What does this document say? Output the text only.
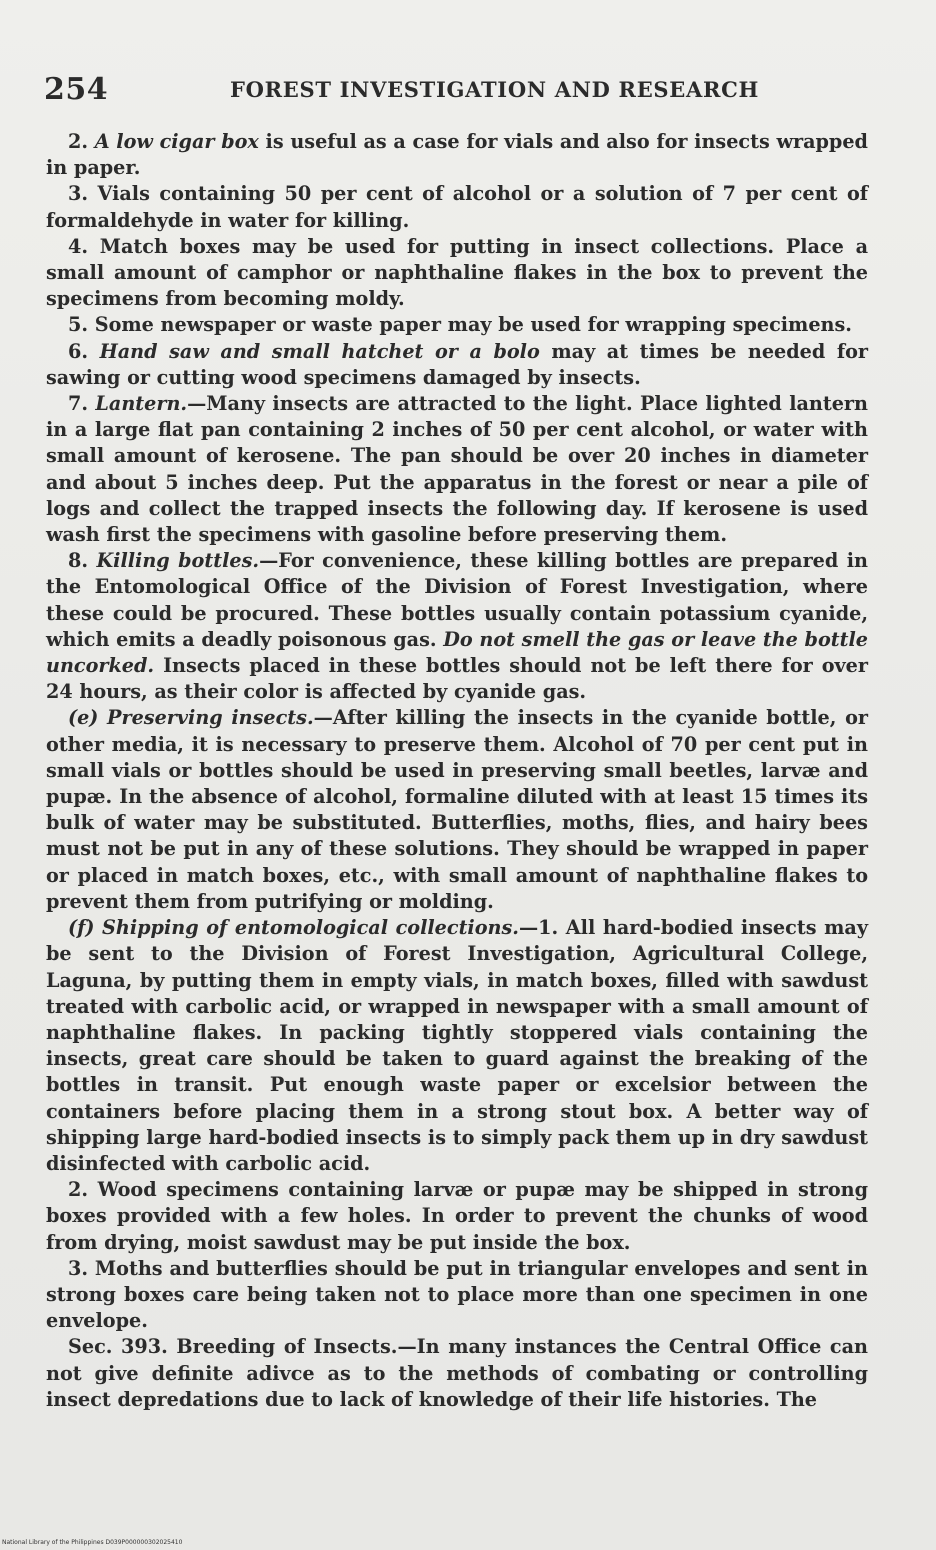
254	FOREST INVESTIGATION AND RESEARCH

2. A low cigar box is useful as a case for vials and also for insects wrapped in paper.

3. Vials containing 50 per cent of alcohol or a solution of 7 per cent of formaldehyde in water for killing.

4. Match boxes may be used for putting in insect collections. Place a small amount of camphor or naphthaline flakes in the box to prevent the specimens from becoming moldy.

5. Some newspaper or waste paper may be used for wrapping specimens.

6. Hand saw and small hatchet or a bolo may at times be needed for sawing or cutting wood specimens damaged by insects.

7. Lantern.—Many insects are attracted to the light. Place lighted lantern in a large flat pan containing 2 inches of 50 per cent alcohol, or water with small amount of kerosene. The pan should be over 20 inches in diameter and about 5 inches deep. Put the apparatus in the forest or near a pile of logs and collect the trapped insects the following day. If kerosene is used wash first the specimens with gasoline before preserving them.

8. Killing bottles.—For convenience, these killing bottles are prepared in the Entomological Office of the Division of Forest Investigation, where these could be procured. These bottles usually contain potassium cyanide, which emits a deadly poisonous gas. Do not smell the gas or leave the bottle uncorked. Insects placed in these bottles should not be left there for over 24 hours, as their color is affected by cyanide gas.

(e) Preserving insects.—After killing the insects in the cyanide bottle, or other media, it is necessary to preserve them. Alcohol of 70 per cent put in small vials or bottles should be used in preserving small beetles, larvæ and pupæ. In the absence of alcohol, formaline diluted with at least 15 times its bulk of water may be substituted. Butterflies, moths, flies, and hairy bees must not be put in any of these solutions. They should be wrapped in paper or placed in match boxes, etc., with small amount of naphthaline flakes to prevent them from putrifying or molding.

(f) Shipping of entomological collections.—1. All hard-bodied insects may be sent to the Division of Forest Investigation, Agricultural College, Laguna, by putting them in empty vials, in match boxes, filled with sawdust treated with carbolic acid, or wrapped in newspaper with a small amount of naphthaline flakes. In packing tightly stoppered vials containing the insects, great care should be taken to guard against the breaking of the bottles in transit. Put enough waste paper or excelsior between the containers before placing them in a strong stout box. A better way of shipping large hard-bodied insects is to simply pack them up in dry sawdust disinfected with carbolic acid.

2. Wood specimens containing larvæ or pupæ may be shipped in strong boxes provided with a few holes. In order to prevent the chunks of wood from drying, moist sawdust may be put inside the box.

3. Moths and butterflies should be put in triangular envelopes and sent in strong boxes care being taken not to place more than one specimen in one envelope.

Sec. 393. Breeding of Insects.—In many instances the Central Office can not give definite adivce as to the methods of combating or controlling insect depredations due to lack of knowledge of their life histories. The

National Library of the Philippines D039P000000302025410
